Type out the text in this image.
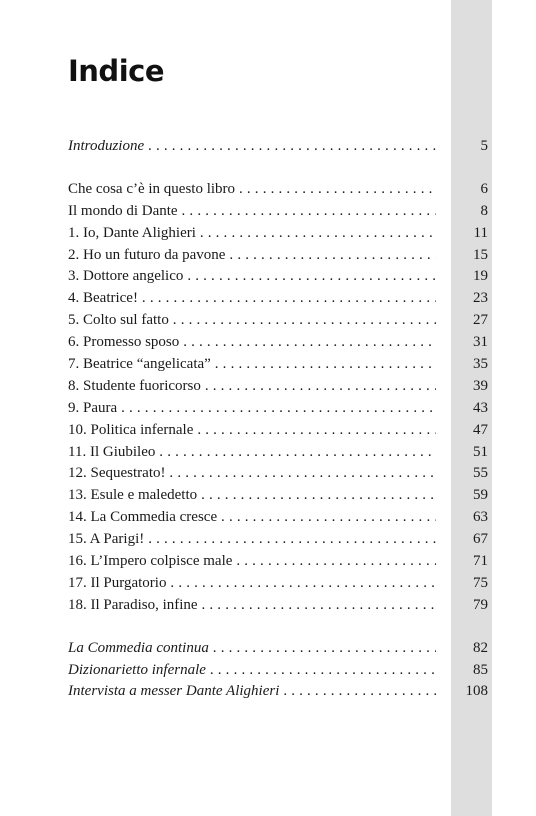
Indice
Introduzione . . .	5
Che cosa c’è in questo libro . . .	6
Il mondo di Dante . . .	8
1. Io, Dante Alighieri . . .	11
2. Ho un futuro da pavone . . .	15
3. Dottore angelico . . .	19
4. Beatrice! . . .	23
5. Colto sul fatto . . .	27
6. Promesso sposo . . .	31
7. Beatrice “angelicata” . . .	35
8. Studente fuoricorso . . .	39
9. Paura . . .	43
10. Politica infernale . . .	47
11. Il Giubileo . . .	51
12. Sequestrato! . . .	55
13. Esule e maledetto . . .	59
14. La Commedia cresce . . .	63
15. A Parigi! . . .	67
16. L’Impero colpisce male . . .	71
17. Il Purgatorio . . .	75
18. Il Paradiso, infine . . .	79
La Commedia continua . . .	82
Dizionarietto infernale . . .	85
Intervista a messer Dante Alighieri . . .	108
